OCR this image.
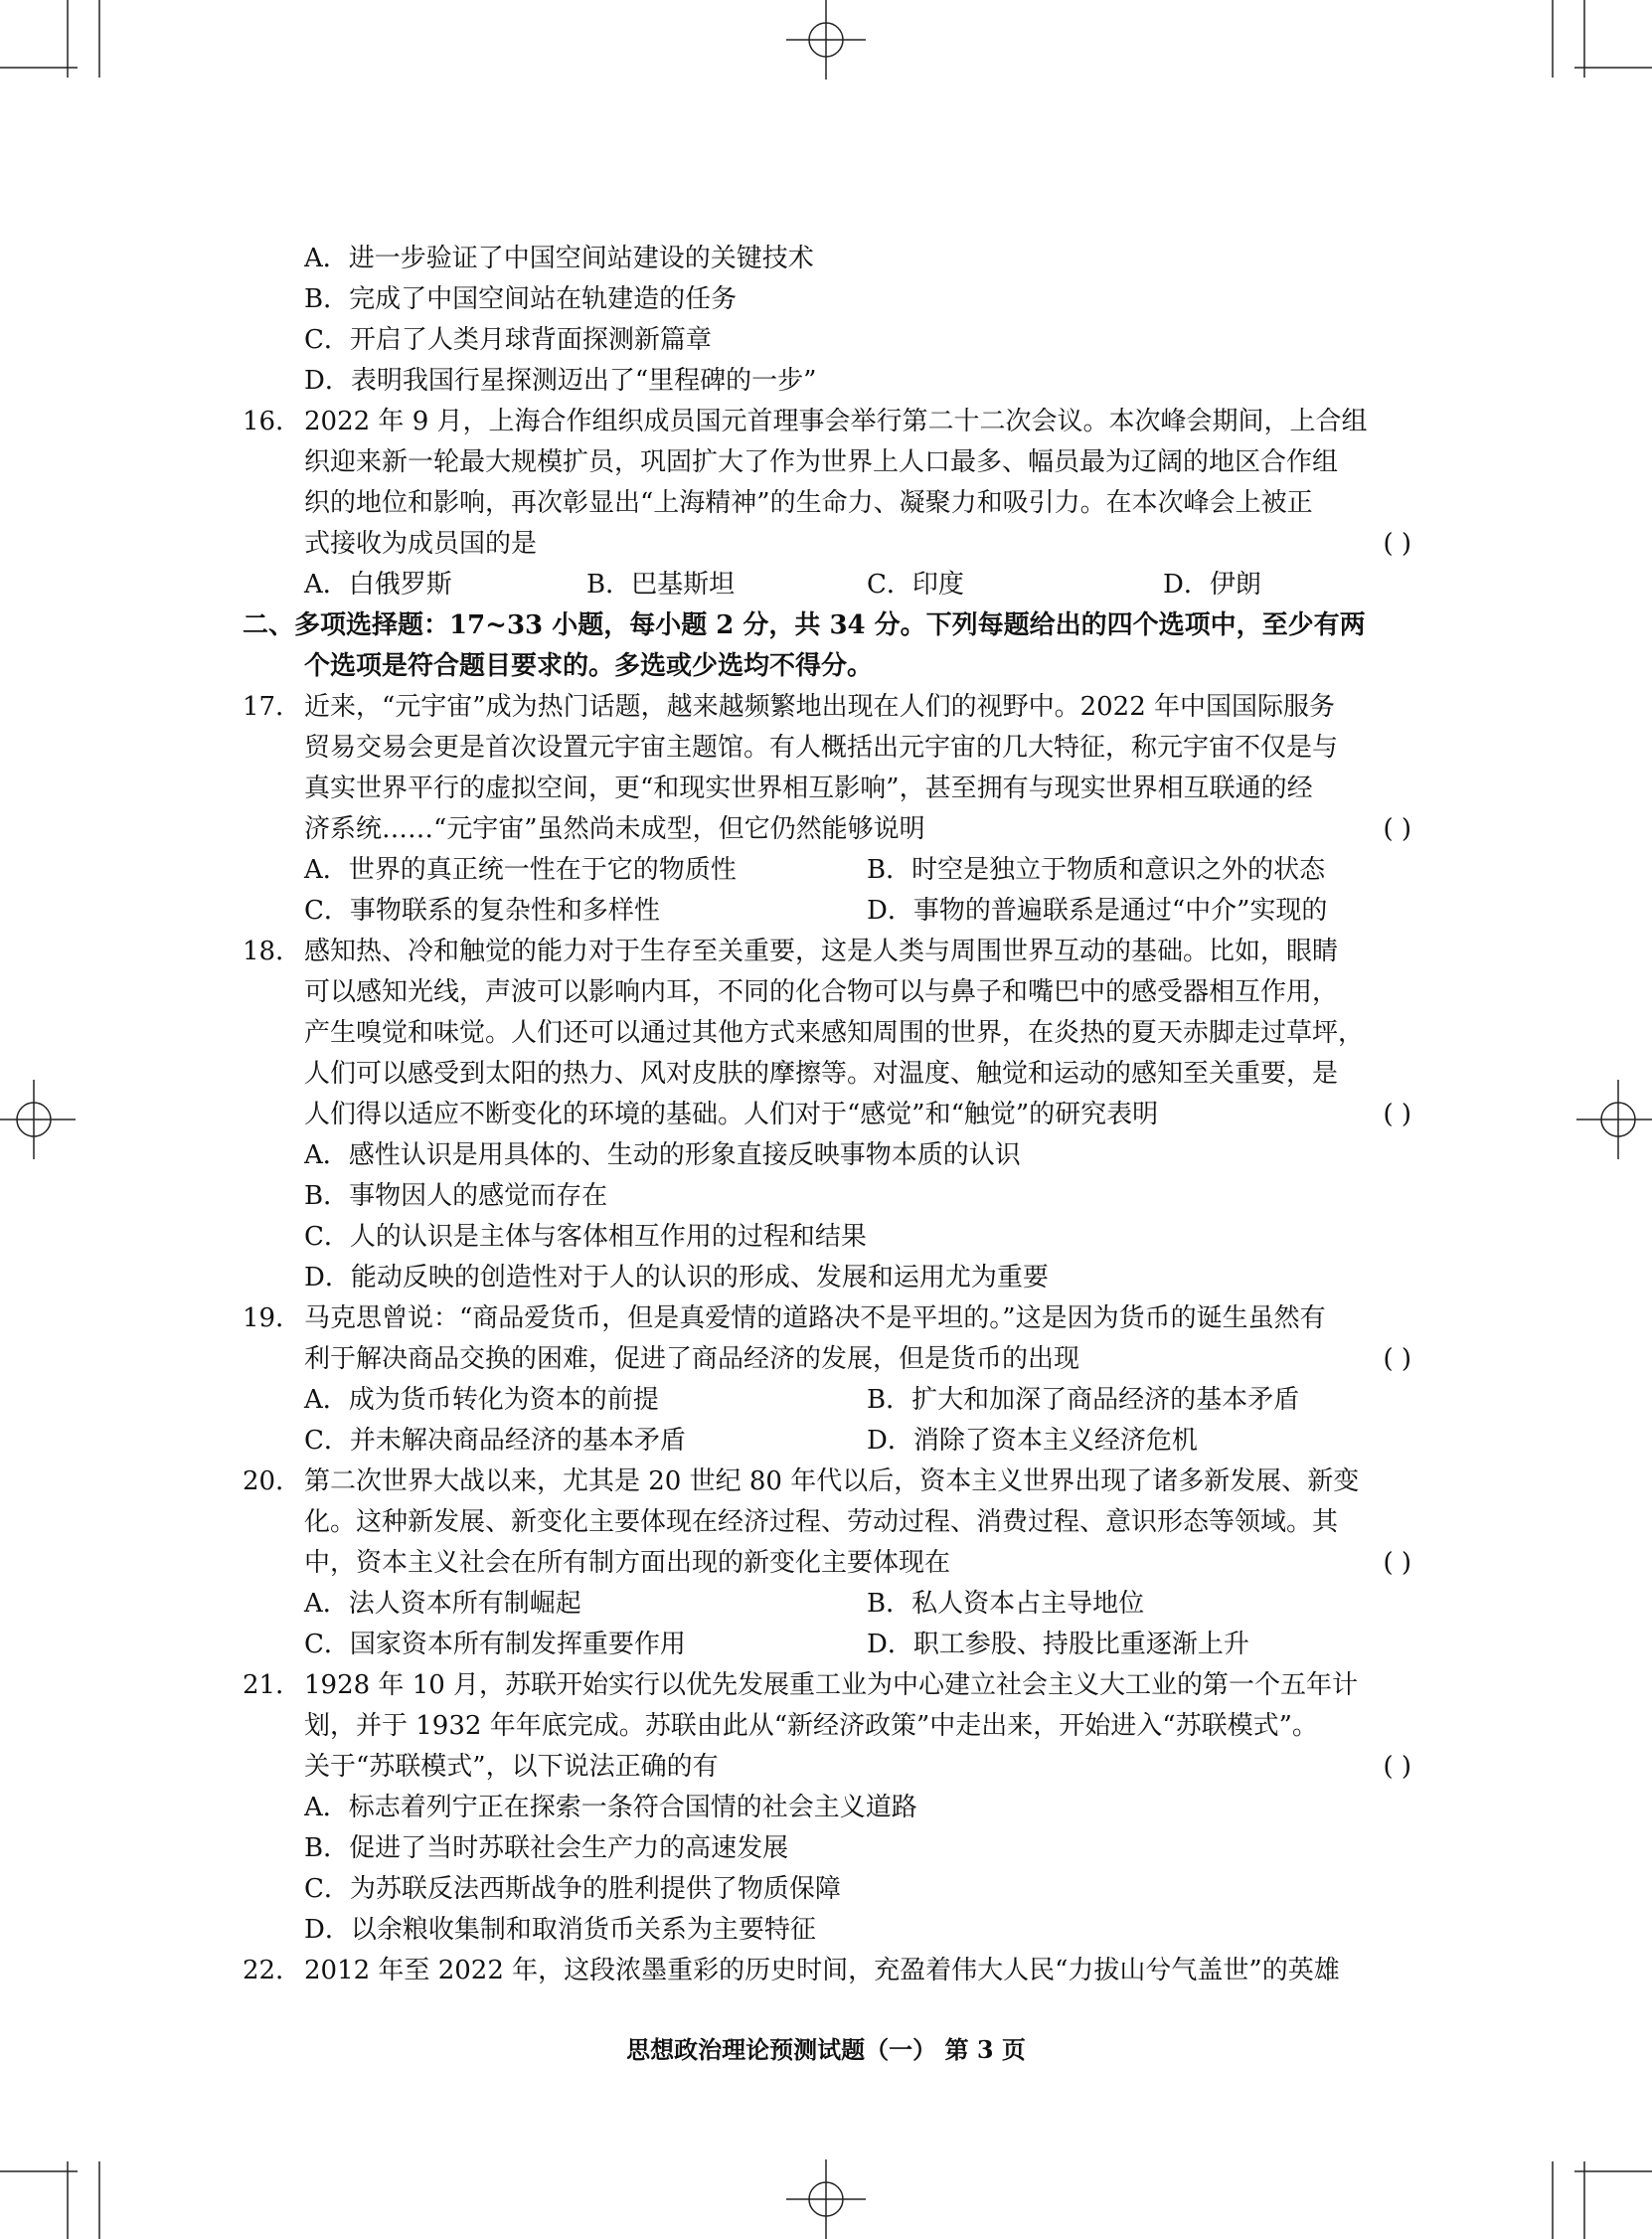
A．进一步验证了中国空间站建设的关键技术
B．完成了中国空间站在轨建造的任务
C．开启了人类月球背面探测新篇章
D．表明我国行星探测迈出了“里程碑的一步”
16． 2022 年 9 月，上海合作组织成员国元首理事会举行第二十二次会议。本次峰会期间，上合组
织迎来新一轮最大规模扩员，巩固扩大了作为世界上人口最多、幅员最为辽阔的地区合作组
织的地位和影响，再次彰显出“上海精神”的生命力、凝聚力和吸引力。在本次峰会上被正
式接收为成员国的是	( )
A．白俄罗斯	B．巴基斯坦	C．印度	D．伊朗
二、多项选择题：17~33 小题，每小题 2 分，共 34 分。下列每题给出的四个选项中，至少有两
个选项是符合题目要求的。多选或少选均不得分。
17． 近来，“元宇宙”成为热门话题，越来越频繁地出现在人们的视野中。2022 年中国国际服务
贸易交易会更是首次设置元宇宙主题馆。有人概括出元宇宙的几大特征，称元宇宙不仅是与
真实世界平行的虚拟空间，更“和现实世界相互影响”，甚至拥有与现实世界相互联通的经
济系统……“元宇宙”虽然尚未成型，但它仍然能够说明	( )
A．世界的真正统一性在于它的物质性	B．时空是独立于物质和意识之外的状态
C．事物联系的复杂性和多样性	D．事物的普遍联系是通过“中介”实现的
18． 感知热、冷和触觉的能力对于生存至关重要，这是人类与周围世界互动的基础。比如，眼睛
可以感知光线，声波可以影响内耳，不同的化合物可以与鼻子和嘴巴中的感受器相互作用，
产生嗅觉和味觉。人们还可以通过其他方式来感知周围的世界，在炎热的夏天赤脚走过草坪，
人们可以感受到太阳的热力、风对皮肤的摩擦等。对温度、触觉和运动的感知至关重要，是
人们得以适应不断变化的环境的基础。人们对于“感觉”和“触觉”的研究表明	( )
A．感性认识是用具体的、生动的形象直接反映事物本质的认识
B．事物因人的感觉而存在
C．人的认识是主体与客体相互作用的过程和结果
D．能动反映的创造性对于人的认识的形成、发展和运用尤为重要
19． 马克思曾说：“商品爱货币，但是真爱情的道路决不是平坦的。”这是因为货币的诞生虽然有
利于解决商品交换的困难，促进了商品经济的发展，但是货币的出现	( )
A．成为货币转化为资本的前提	B．扩大和加深了商品经济的基本矛盾
C．并未解决商品经济的基本矛盾	D．消除了资本主义经济危机
20． 第二次世界大战以来，尤其是 20 世纪 80 年代以后，资本主义世界出现了诸多新发展、新变
化。这种新发展、新变化主要体现在经济过程、劳动过程、消费过程、意识形态等领域。其
中，资本主义社会在所有制方面出现的新变化主要体现在	( )
A．法人资本所有制崛起	B．私人资本占主导地位
C．国家资本所有制发挥重要作用	D．职工参股、持股比重逐渐上升
21． 1928 年 10 月，苏联开始实行以优先发展重工业为中心建立社会主义大工业的第一个五年计
划，并于 1932 年年底完成。苏联由此从“新经济政策”中走出来，开始进入“苏联模式”。
关于“苏联模式”，以下说法正确的有	( )
A．标志着列宁正在探索一条符合国情的社会主义道路
B．促进了当时苏联社会生产力的高速发展
C．为苏联反法西斯战争的胜利提供了物质保障
D．以余粮收集制和取消货币关系为主要特征
22． 2012 年至 2022 年，这段浓墨重彩的历史时间，充盈着伟大人民“力拔山兮气盖世”的英雄
思想政治理论预测试题（一） 第 3 页
